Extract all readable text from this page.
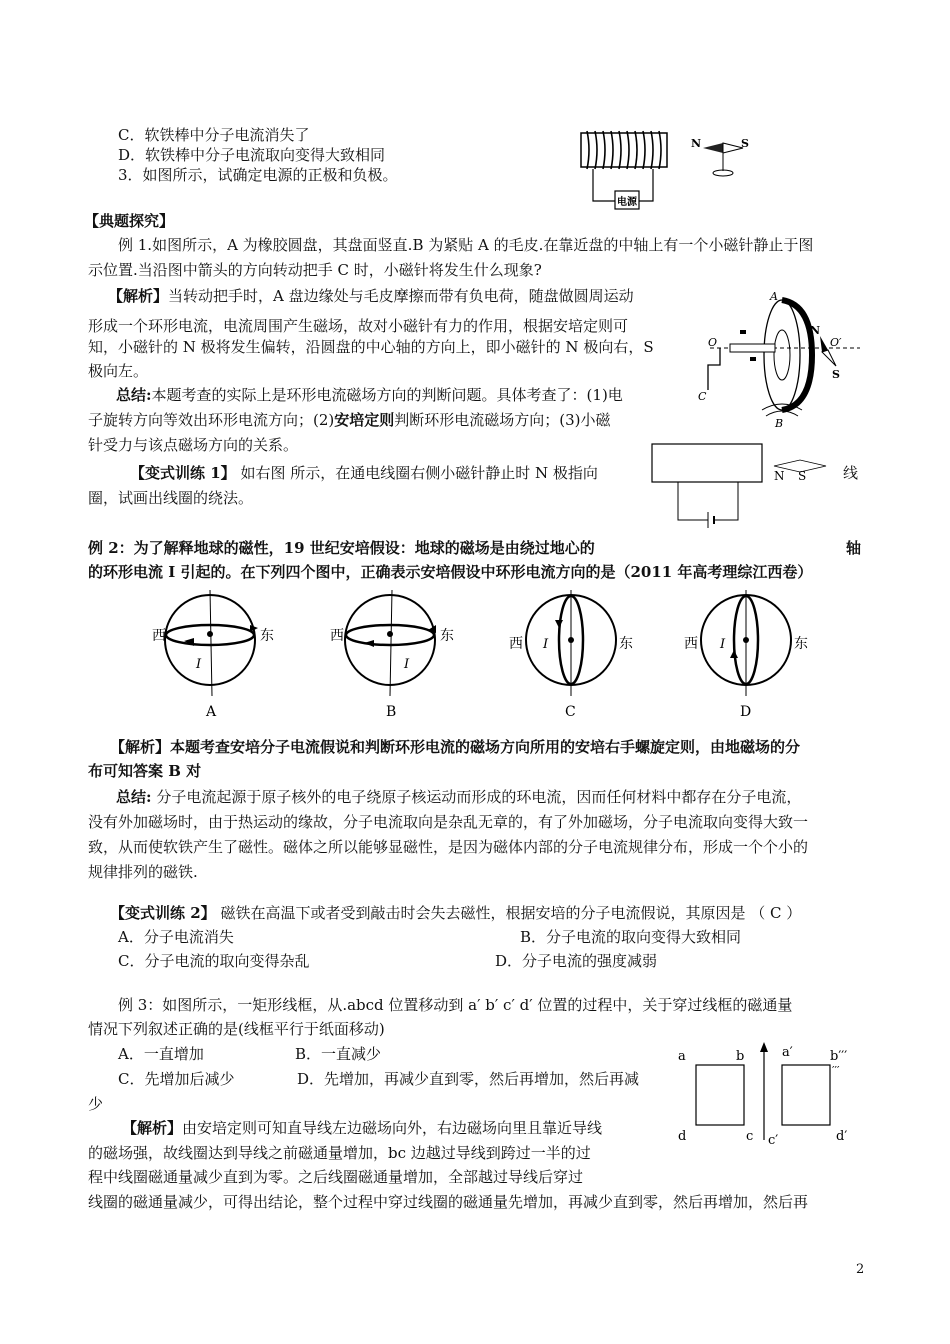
C．软铁棒中分子电流消失了
D．软铁棒中分子电流取向变得大致相同
3．如图所示，试确定电源的正极和负极。
电源
N	S
【典题探究】
例 1.如图所示，A 为橡胶圆盘，其盘面竖直.B 为紧贴 A 的毛皮.在靠近盘的中轴上有一个小磁针静止于图
示位置.当沿图中箭头的方向转动把手 C 时，小磁针将发生什么现象?
【解析】当转动把手时，A 盘边缘处与毛皮摩擦而带有负电荷，随盘做圆周运动
形成一个环形电流，电流周围产生磁场，故对小磁针有力的作用，根据安培定则可
知，小磁针的 N 极将发生偏转，沿圆盘的中心轴的方向上，即小磁针的 N 极向右，S
极向左。
总结:本题考查的实际上是环形电流磁场方向的判断问题。具体考查了：(1)电
子旋转方向等效出环形电流方向；(2)安培定则判断环形电流磁场方向；(3)小磁
针受力与该点磁场方向的关系。
A
B
C
O	O′
N
S
【变式训练 1】 如右图 所示，在通电线圈右侧小磁针静止时 N 极指向	线
圈，试画出线圈的绕法。
N S
例 2：为了解释地球的磁性，19 世纪安培假设：地球的磁场是由绕过地心的	轴
的环形电流 I 引起的。在下列四个图中，正确表示安培假设中环形电流方向的是（2011 年高考理综江西卷）
西	东
I
A
西	东
I
B
西	东
I
C
西	东
I
D
【解析】本题考查安培分子电流假说和判断环形电流的磁场方向所用的安培右手螺旋定则，由地磁场的分
布可知答案 B 对
总结: 分子电流起源于原子核外的电子绕原子核运动而形成的环电流，因而任何材料中都存在分子电流，
没有外加磁场时，由于热运动的缘故，分子电流取向是杂乱无章的，有了外加磁场，分子电流取向变得大致一
致，从而使软铁产生了磁性。磁体之所以能够显磁性，是因为磁体内部的分子电流规律分布，形成一个个小的
规律排列的磁铁.
【变式训练 2】 磁铁在高温下或者受到敲击时会失去磁性，根据安培的分子电流假说，其原因是 （ C ）
A．分子电流消失	B．分子电流的取向变得大致相同
C．分子电流的取向变得杂乱	D．分子电流的强度减弱
例 3：如图所示，一矩形线框，从.abcd 位置移动到 a′ b′ c′ d′ 位置的过程中，关于穿过线框的磁通量
情况下列叙述正确的是(线框平行于纸面移动)
A．一直增加	B．一直减少
C．先增加后减少	D．先增加，再减少直到零，然后再增加，然后再减
少
【解析】由安培定则可知直导线左边磁场向外，右边磁场向里且靠近导线
的磁场强，故线圈达到导线之前磁通量增加，bc 边越过导线到跨过一半的过
程中线圈磁通量减少直到为零。之后线圈磁通量增加，全部越过导线后穿过
线圈的磁通量减少，可得出结论，整个过程中穿过线圈的磁通量先增加，再减少直到零，然后再增加，然后再
a	b
d	c
a′	b′′′
′′′
c′	d′
2
